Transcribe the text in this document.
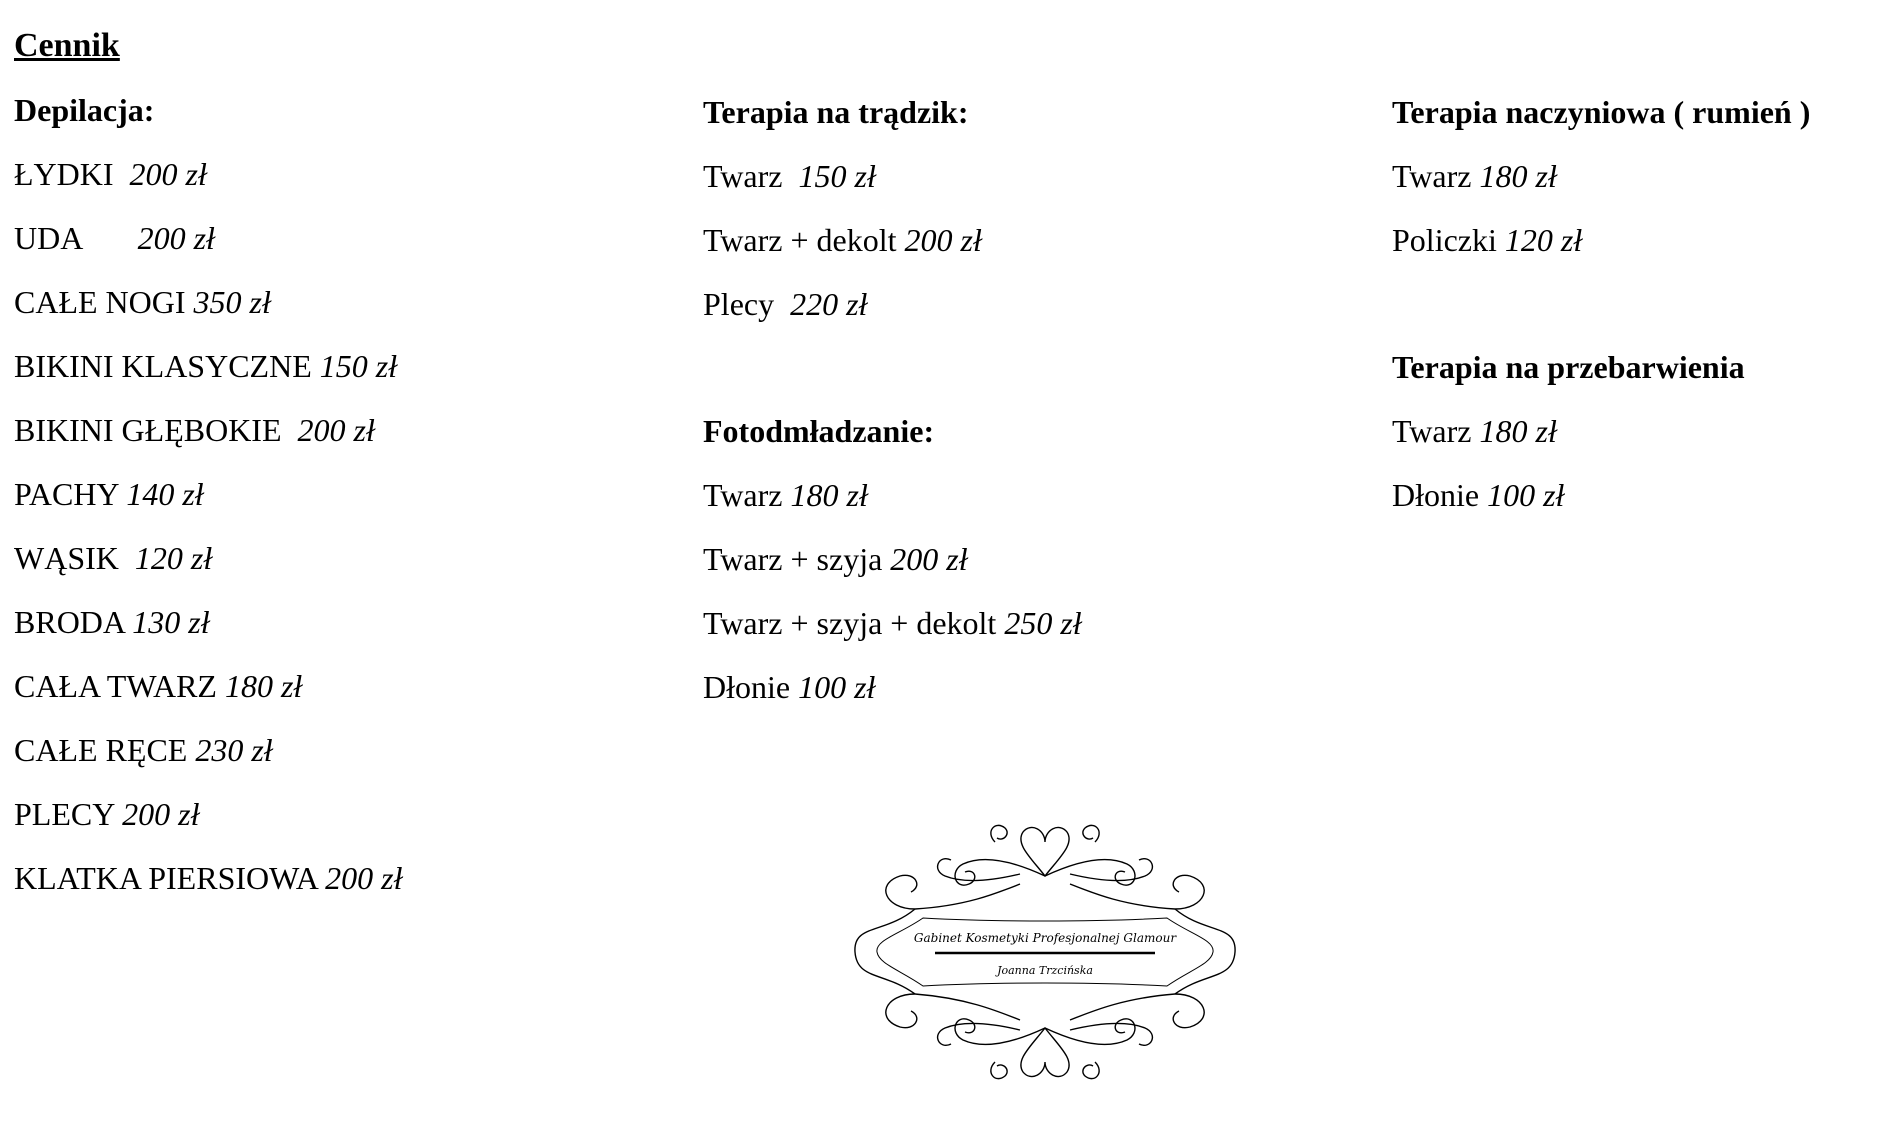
Cennik
Depilacja:
ŁYDKI  200 zł
UDA       200 zł
CAŁE NOGI 350 zł
BIKINI KLASYCZNE 150 zł
BIKINI GŁĘBOKIE  200 zł
PACHY 140 zł
WĄSIK  120 zł
BRODA 130 zł
CAŁA TWARZ 180 zł
CAŁE RĘCE 230 zł
PLECY 200 zł
KLATKA PIERSIOWA 200 zł
Terapia na trądzik:
Twarz  150 zł
Twarz + dekolt 200 zł
Plecy  220 zł
Fotodmładzanie:
Twarz 180 zł
Twarz + szyja 200 zł
Twarz + szyja + dekolt 250 zł
Dłonie 100 zł
Terapia naczyniowa ( rumień )
Twarz 180 zł
Policzki 120 zł
Terapia na przebarwienia
Twarz 180 zł
Dłonie 100 zł
Gabinet Kosmetyki Profesjonalnej Glamour
Joanna Trzcińska
